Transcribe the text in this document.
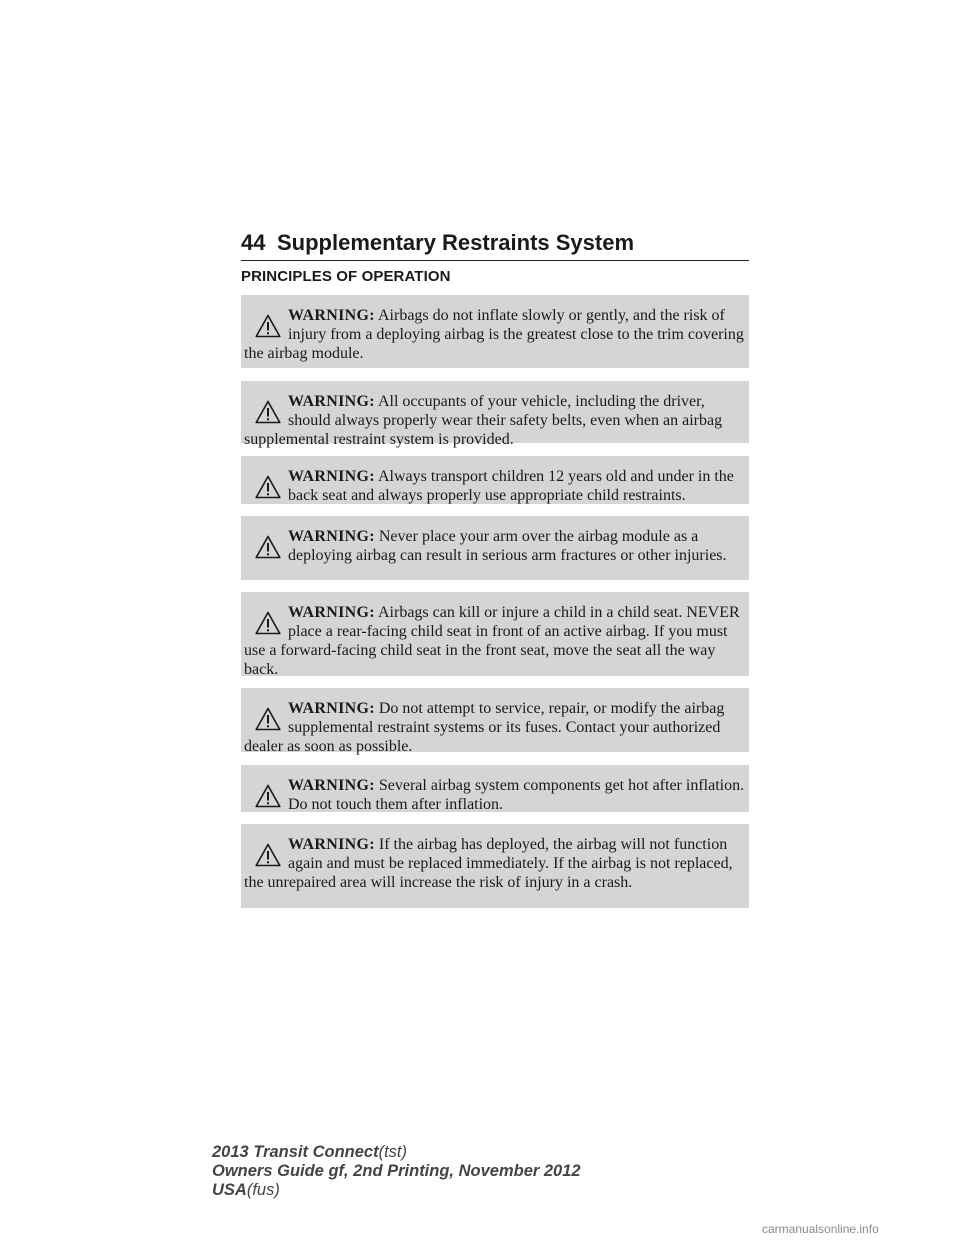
44 Supplementary Restraints System
PRINCIPLES OF OPERATION
WARNING: Airbags do not inflate slowly or gently, and the risk of injury from a deploying airbag is the greatest close to the trim covering the airbag module.
WARNING: All occupants of your vehicle, including the driver, should always properly wear their safety belts, even when an airbag supplemental restraint system is provided.
WARNING: Always transport children 12 years old and under in the back seat and always properly use appropriate child restraints.
WARNING: Never place your arm over the airbag module as a deploying airbag can result in serious arm fractures or other injuries.
WARNING: Airbags can kill or injure a child in a child seat. NEVER place a rear-facing child seat in front of an active airbag. If you must use a forward-facing child seat in the front seat, move the seat all the way back.
WARNING: Do not attempt to service, repair, or modify the airbag supplemental restraint systems or its fuses. Contact your authorized dealer as soon as possible.
WARNING: Several airbag system components get hot after inflation. Do not touch them after inflation.
WARNING: If the airbag has deployed, the airbag will not function again and must be replaced immediately. If the airbag is not replaced, the unrepaired area will increase the risk of injury in a crash.
2013 Transit Connect(tst)
Owners Guide gf, 2nd Printing, November 2012
USA(fus)
carmanualsonline.info
